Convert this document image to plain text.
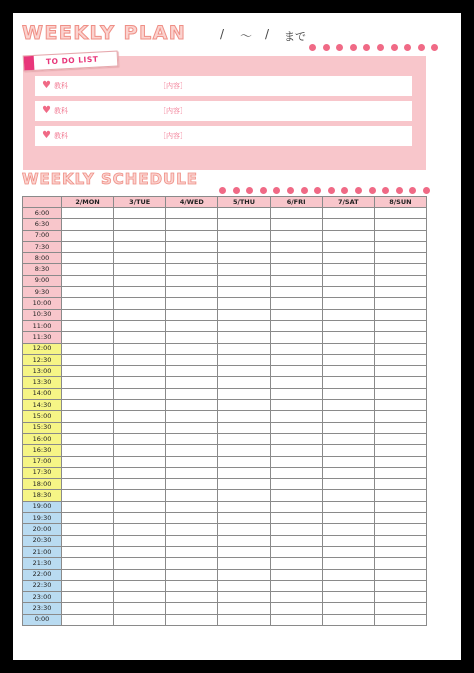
WEEKLY PLAN	/ 〜 / まで
TO DO LIST
♥ 教科	［内容］
♥ 教科	［内容］
♥ 教科	［内容］
WEEKLY SCHEDULE
	2/MON	3/TUE	4/WED	5/THU	6/FRI	7/SAT	8/SUN
6:00							
6:30							
7:00							
7:30							
8:00							
8:30							
9:00							
9:30							
10:00							
10:30							
11:00							
11:30							
12:00							
12:30							
13:00							
13:30							
14:00							
14:30							
15:00							
15:30							
16:00							
16:30							
17:00							
17:30							
18:00							
18:30							
19:00							
19:30							
20:00							
20:30							
21:00							
21:30							
22:00							
22:30							
23:00							
23:30							
0:00							
